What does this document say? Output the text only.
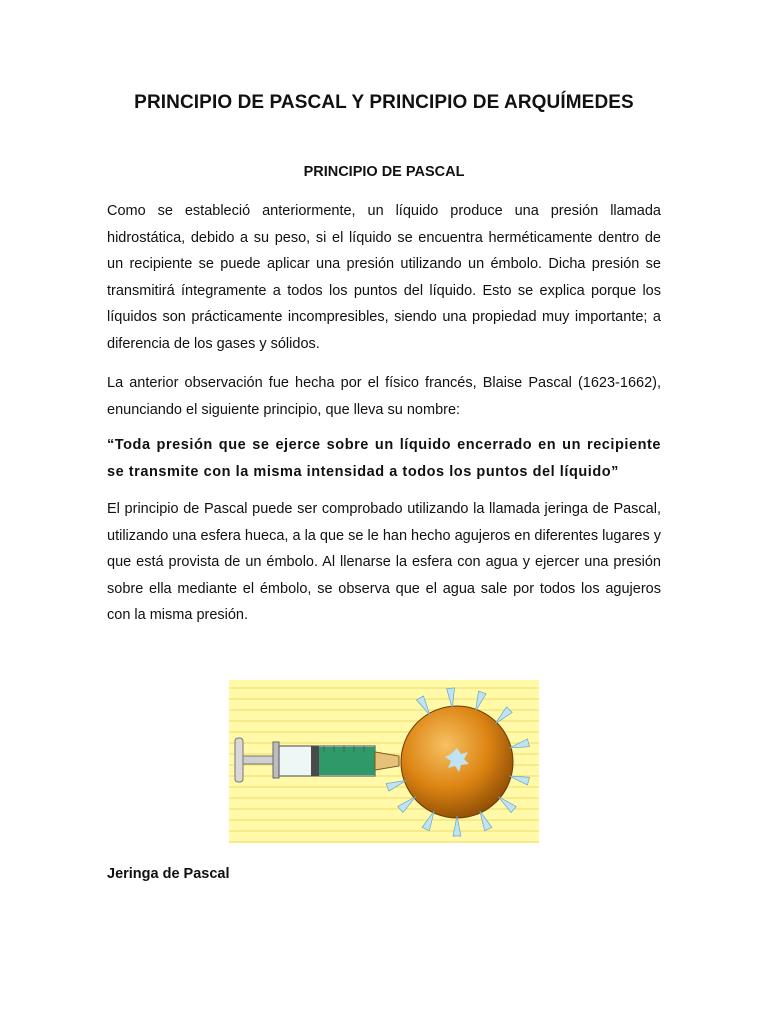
PRINCIPIO DE PASCAL Y PRINCIPIO DE ARQUÍMEDES
PRINCIPIO DE PASCAL

Como se estableció anteriormente, un líquido produce una presión llamada hidrostática, debido a su peso, si el líquido se encuentra herméticamente dentro de un recipiente se puede aplicar una presión utilizando un émbolo. Dicha presión se transmitirá íntegramente a todos los puntos del líquido. Esto se explica porque los líquidos son prácticamente incompresibles, siendo una propiedad muy importante; a diferencia de los gases y sólidos.

La anterior observación fue hecha por el físico francés, Blaise Pascal (1623-1662), enunciando el siguiente principio, que lleva su nombre:

“Toda presión que se ejerce sobre un líquido encerrado en un recipiente se transmite con la misma intensidad a todos los puntos del líquido”

El principio de Pascal puede ser comprobado utilizando la llamada jeringa de Pascal, utilizando una esfera hueca, a la que se le han hecho agujeros en diferentes lugares y que está provista de un émbolo. Al llenarse la esfera con agua y ejercer una presión sobre ella mediante el émbolo, se observa que el agua sale por todos los agujeros con la misma presión.

Jeringa de Pascal
